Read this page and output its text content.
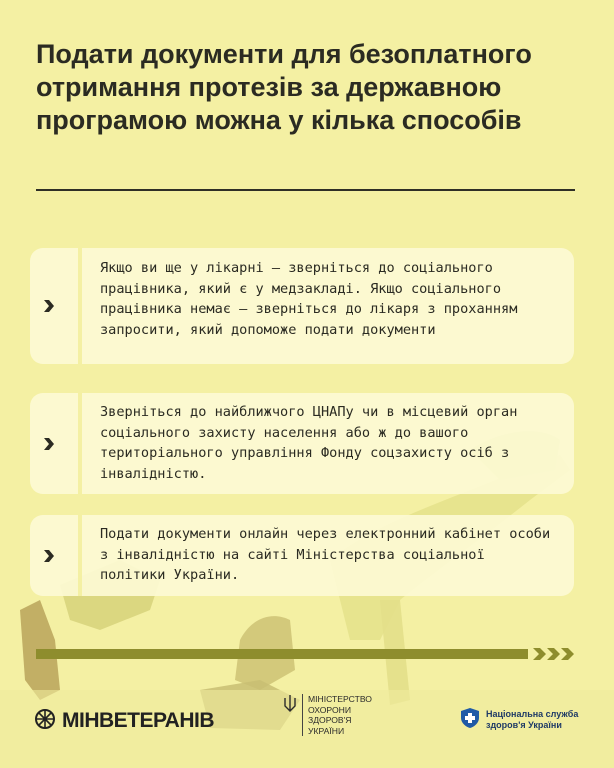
Подати документи для безоплатного отримання протезів за державною програмою можна у кілька способів
Якщо ви ще у лікарні – зверніться до соціального працівника, який є у медзакладі. Якщо соціального працівника немає – зверніться до лікаря з проханням запросити, який допоможе подати документи
Зверніться до найближчого ЦНАПу чи в місцевий орган соціального захисту населення або ж до вашого територіального управління Фонду соцзахисту осіб з інвалідністю.
Подати документи онлайн через електронний кабінет особи з інвалідністю на сайті Міністерства соціальної політики України.
МІНВЕТЕРАНІВ
МІНІСТЕРСТВО
ОХОРОНИ
ЗДОРОВ'Я
УКРАЇНИ
Національна служба
здоров'я України
